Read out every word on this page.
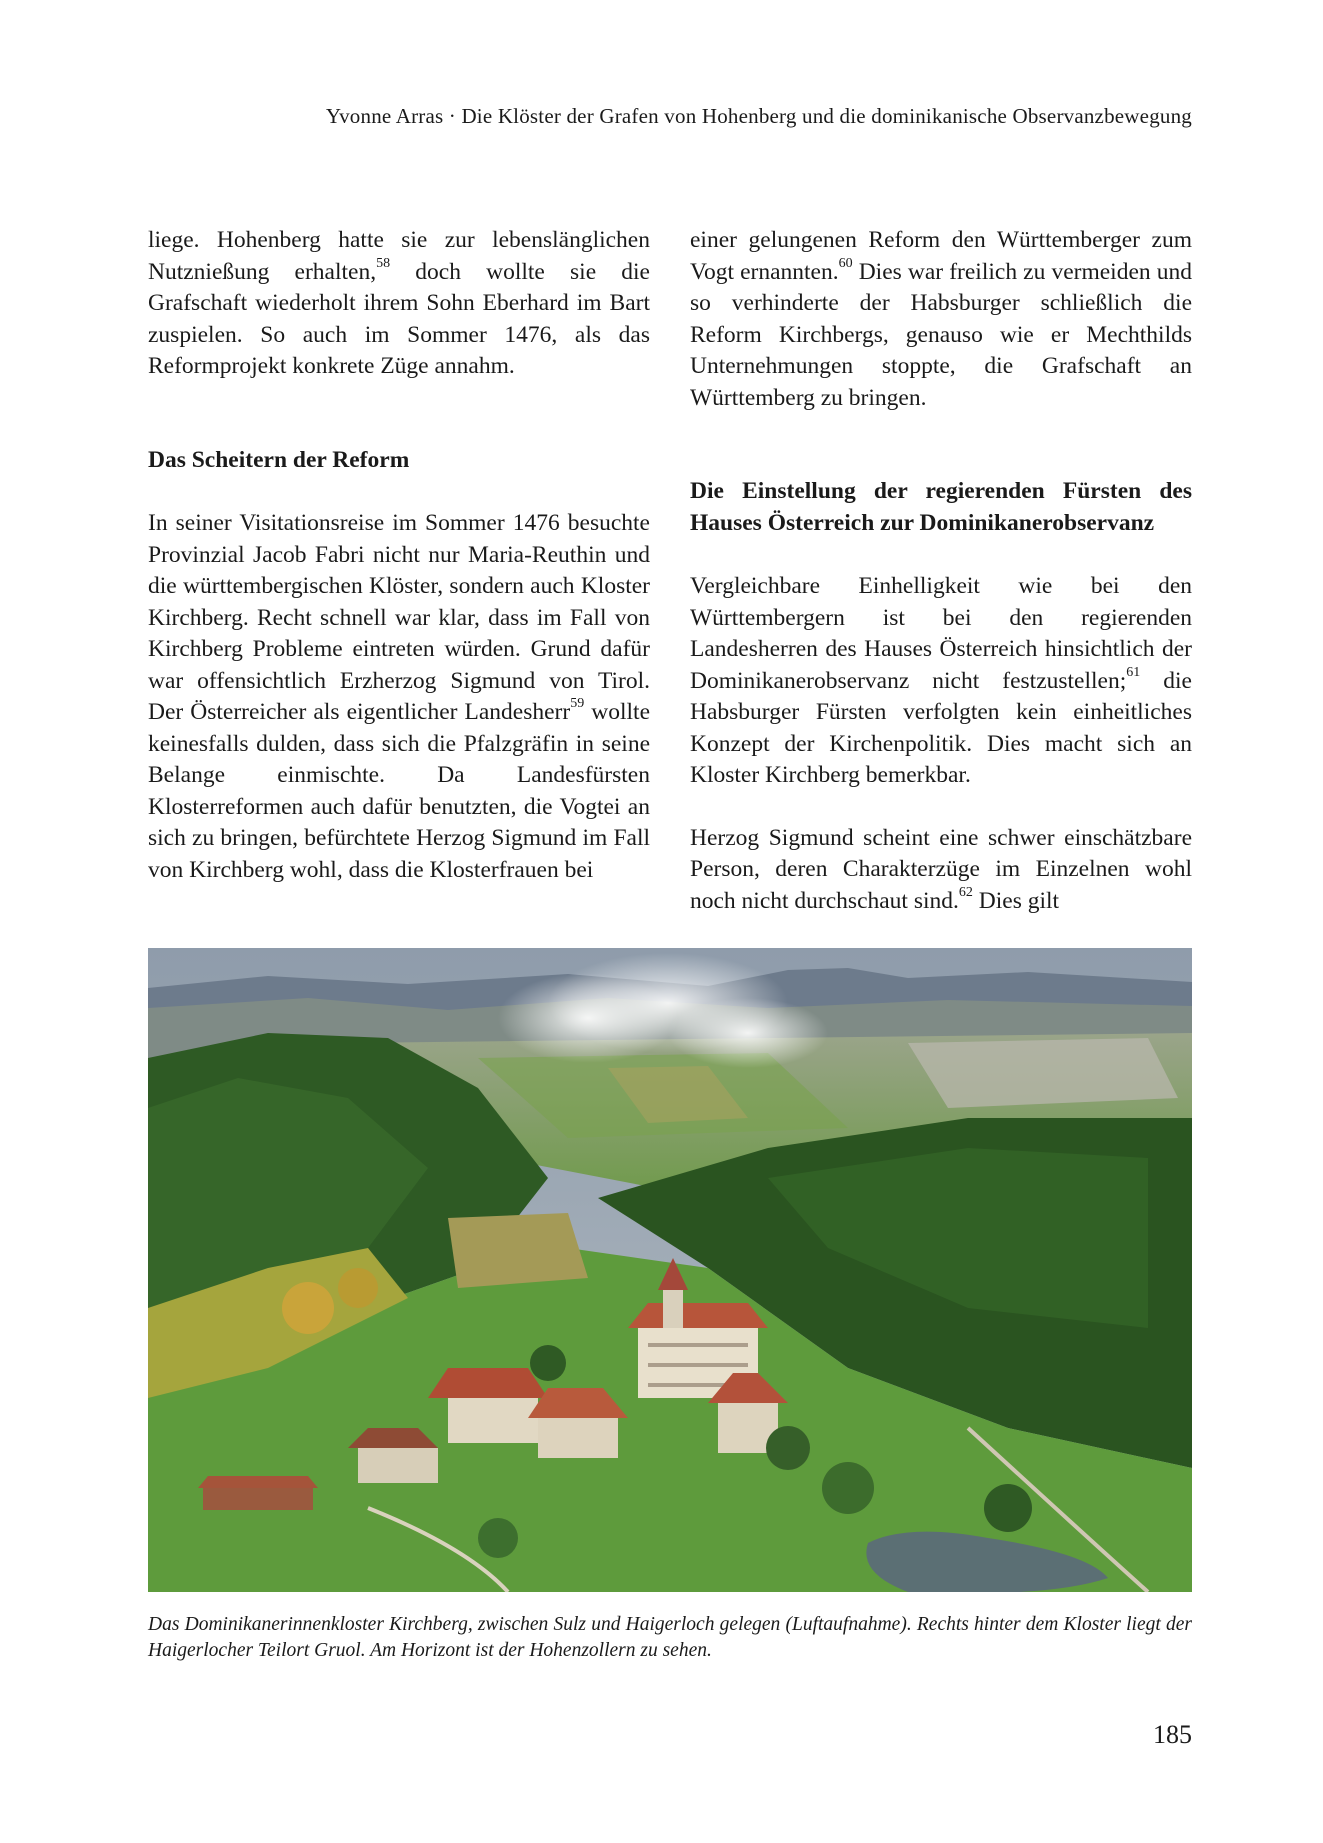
Yvonne Arras · Die Klöster der Grafen von Hohenberg und die dominikanische Observanzbewegung

liege. Hohenberg hatte sie zur lebenslänglichen Nutznießung erhalten,$^{58}$ doch wollte sie die Grafschaft wiederholt ihrem Sohn Eberhard im Bart zuspielen. So auch im Sommer 1476, als das Reformprojekt konkrete Züge annahm.

Das Scheitern der Reform

In seiner Visitationsreise im Sommer 1476 besuchte Provinzial Jacob Fabri nicht nur Maria-Reuthin und die württembergischen Klöster, sondern auch Kloster Kirchberg. Recht schnell war klar, dass im Fall von Kirchberg Probleme eintreten würden. Grund dafür war offensichtlich Erzherzog Sigmund von Tirol. Der Österreicher als eigentlicher Landesherr$^{59}$ wollte keinesfalls dulden, dass sich die Pfalzgräfin in seine Belange einmischte. Da Landesfürsten Klosterreformen auch dafür benutzten, die Vogtei an sich zu bringen, befürchtete Herzog Sigmund im Fall von Kirchberg wohl, dass die Klosterfrauen bei

einer gelungenen Reform den Württemberger zum Vogt ernannten.$^{60}$ Dies war freilich zu vermeiden und so verhinderte der Habsburger schließlich die Reform Kirchbergs, genauso wie er Mechthilds Unternehmungen stoppte, die Grafschaft an Württemberg zu bringen.

Die Einstellung der regierenden Fürsten des Hauses Österreich zur Dominikanerobservanz

Vergleichbare Einhelligkeit wie bei den Württembergern ist bei den regierenden Landesherren des Hauses Österreich hinsichtlich der Dominikanerobservanz nicht festzustellen;$^{61}$ die Habsburger Fürsten verfolgten kein einheitliches Konzept der Kirchenpolitik. Dies macht sich an Kloster Kirchberg bemerkbar.

Herzog Sigmund scheint eine schwer einschätzbare Person, deren Charakterzüge im Einzelnen wohl noch nicht durchschaut sind.$^{62}$ Dies gilt

Das Dominikanerinnenkloster Kirchberg, zwischen Sulz und Haigerloch gelegen (Luftaufnahme). Rechts hinter dem Kloster liegt der Haigerlocher Teilort Gruol. Am Horizont ist der Hohenzollern zu sehen.
185
